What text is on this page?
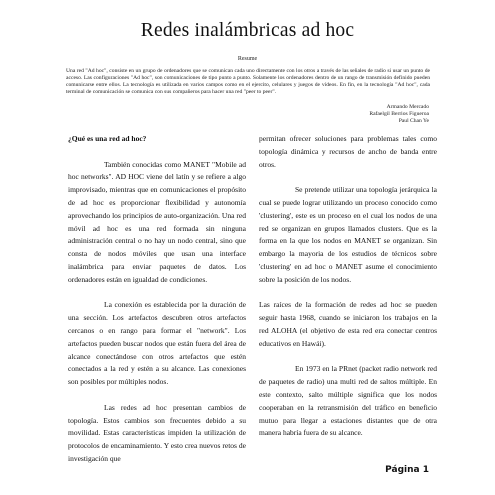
Redes inalámbricas ad hoc
Resume
Una red "Ad hoc", consiste en un grupo de ordenadores que se comunican cada uno directamente con los otros a través de las señales de radio si usar un punto de acceso. Las configuraciones "Ad hoc", son comunicaciones de tipo punto a punto. Solamente los ordenadores dentro de un rango de transmisión definido pueden comunicarse entre ellos. La tecnología es utilizada en varios campos como en el ejercito, celulares y juegos de vídeos. En fin, en la tecnología "Ad hoc", cada terminal de comunicación se comunica con sus compañeros para hacer una red "peer to peer".
Armando Mercado
Rafaelgil Berrios Figueroa
Paul Chan Ye
¿Qué es una red ad hoc?

También conocidas como MANET "Mobile ad hoc networks". AD HOC viene del latín y se refiere a algo improvisado, mientras que en comunicaciones el propósito de ad hoc es proporcionar flexibilidad y autonomía aprovechando los principios de auto-organización. Una red móvil ad hoc es una red formada sin ninguna administración central o no hay un nodo central, sino que consta de nodos móviles que usan una interface inalámbrica para enviar paquetes de datos. Los ordenadores están en igualdad de condiciones.

La conexión es establecida por la duración de una sección. Los artefactos descubren otros artefactos cercanos o en rango para formar el "network". Los artefactos pueden buscar nodos que están fuera del área de alcance conectándose con otros artefactos que estén conectados a la red y estén a su alcance. Las conexiones son posibles por múltiples nodos.

Las redes ad hoc presentan cambios de topología. Estos cambios son frecuentes debido a su movilidad. Estas características impiden la utilización de protocolos de encaminamiento. Y esto crea nuevos retos de investigación que

permitan ofrecer soluciones para problemas tales como topología dinámica y recursos de ancho de banda entre otros.

Se pretende utilizar una topología jerárquica la cual se puede lograr utilizando un proceso conocido como 'clustering', este es un proceso en el cual los nodos de una red se organizan en grupos llamados clusters. Que es la forma en la que los nodos en MANET se organizan. Sin embargo la mayoria de los estudios de técnicos sobre 'clustering' en ad hoc o MANET asume el conocimiento sobre la posición de los nodos.

Las raíces de la formación de redes ad hoc se pueden seguir hasta 1968, cuando se iniciaron los trabajos en la red ALOHA (el objetivo de esta red era conectar centros educativos en Hawái).

En 1973 en la PRnet (packet radio network red de paquetes de radio) una multi red de saltos múltiple. En este contexto, salto múltiple significa que los nodos cooperaban en la retransmisión del tráfico en beneficio mutuo para llegar a estaciones distantes que de otra manera habría fuera de su alcance.

Página 1
